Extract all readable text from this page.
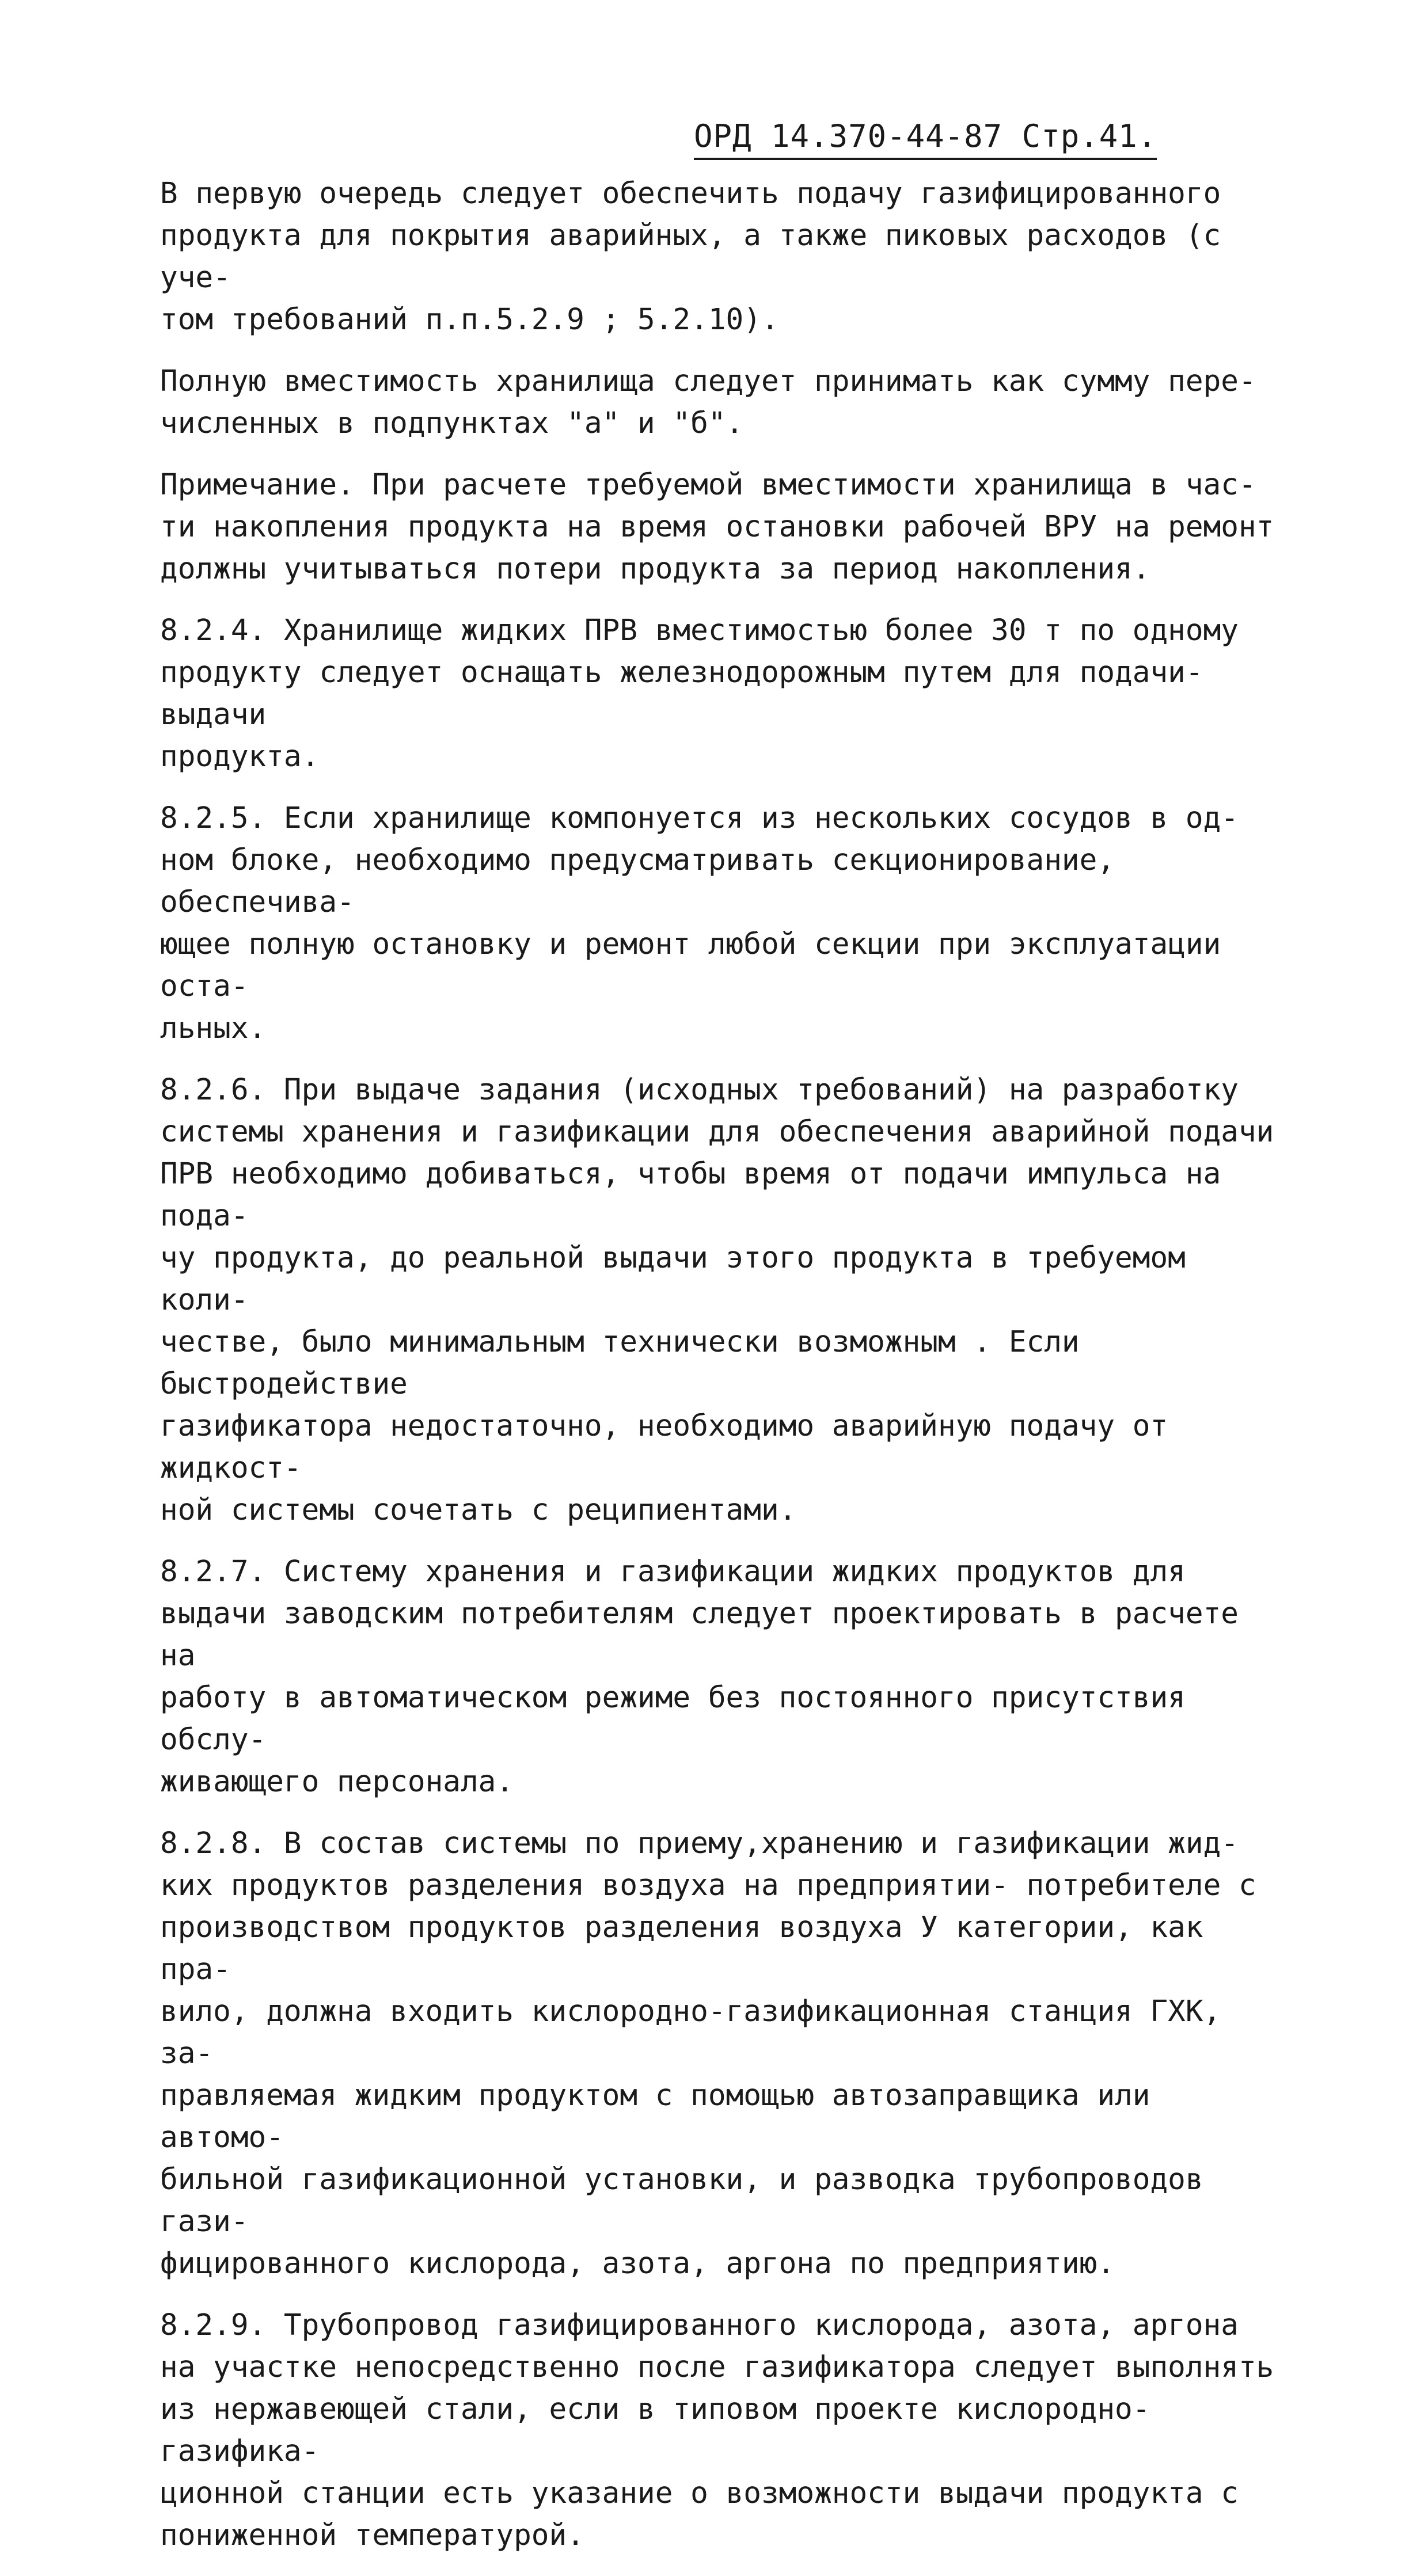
ОРД 14.370-44-87 Стр.41.

В первую очередь следует обеспечить подачу газифицированного
продукта для покрытия аварийных, а также пиковых расходов (с уче-
том требований п.п.5.2.9 ; 5.2.10).

Полную вместимость хранилища следует принимать как сумму пере-
численных в подпунктах "а" и "б".

Примечание. При расчете требуемой вместимости хранилища в час-
ти накопления продукта на время остановки рабочей ВРУ на ремонт
должны учитываться потери продукта за период накопления.

8.2.4. Хранилище жидких ПРВ вместимостью более 30 т по одному
продукту следует оснащать железнодорожным путем для подачи-выдачи
продукта.

8.2.5. Если хранилище компонуется из нескольких сосудов в од-
ном блоке, необходимо предусматривать секционирование, обеспечива-
ющее полную остановку и ремонт любой секции при эксплуатации оста-
льных.

8.2.6. При выдаче задания (исходных требований) на разработку
системы хранения и газификации для обеспечения аварийной подачи
ПРВ необходимо добиваться, чтобы время от подачи импульса на пода-
чу продукта, до реальной выдачи этого продукта в требуемом коли-
честве, было минимальным технически возможным . Если быстродействие
газификатора недостаточно, необходимо аварийную подачу от жидкост-
ной системы сочетать с реципиентами.

8.2.7. Систему хранения и газификации жидких продуктов для
выдачи заводским потребителям следует проектировать в расчете на
работу в автоматическом режиме без постоянного присутствия обслу-
живающего персонала.

8.2.8. В состав системы по приему,хранению и газификации жид-
ких продуктов разделения воздуха на предприятии- потребителе с
производством продуктов разделения воздуха У категории, как пра-
вило, должна входить кислородно-газификационная станция ГХК, за-
правляемая жидким продуктом с помощью автозаправщика или автомо-
бильной газификационной установки, и разводка трубопроводов гази-
фицированного кислорода, азота, аргона по предприятию.

8.2.9. Трубопровод газифицированного кислорода, азота, аргона
на участке непосредственно после газификатора следует выполнять
из нержавеющей стали, если в типовом проекте кислородно-газифика-
ционной станции есть указание о возможности выдачи продукта с
пониженной температурой.
